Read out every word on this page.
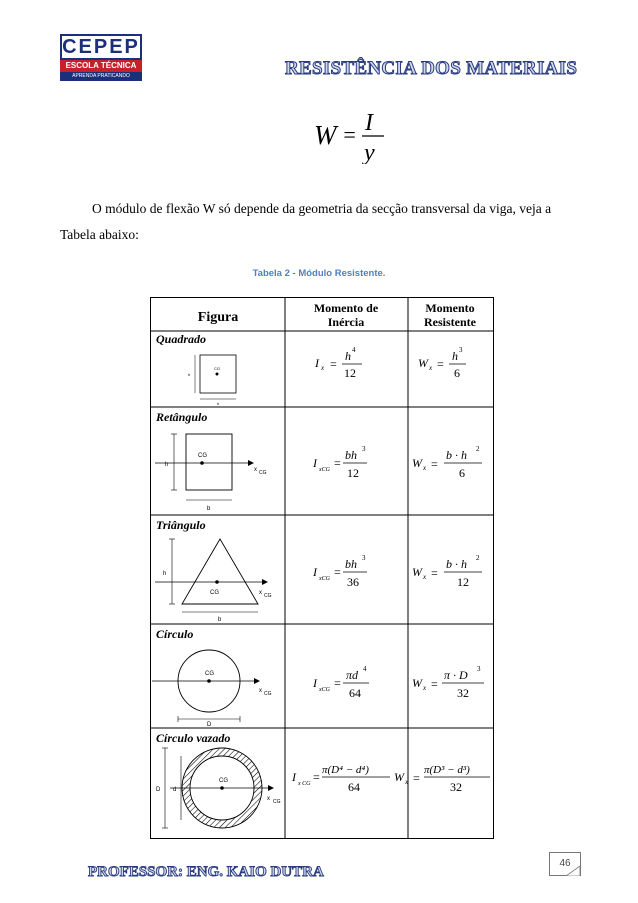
CEPEP
ESCOLA TÉCNICA
APRENDA PRATICANDO	RESISTÊNCIA DOS MATERIAIS
W = I
y
O módulo de flexão W só depende da geometria da secção transversal da viga, veja a
Tabela abaixo:
Tabela 2 - Módulo Resistente.
Figura
Momento de
Inércia
Momento
Resistente
Quadrado
CG
h
h
I x =
h 4
12
W x =
h 3
6
Retângulo
CG
x CG
h
b
I xCG =
bh 3
12
W x =
b · h 2
6
Triângulo
CG	x CG
h
b
I xCG =
bh 3
36
W x =
b · h 2
12
Círculo
CG
x CG
D
I xCG =
πd 4
64
W x =
π · D 3
32
Círculo vazado
CG
x CG
D d
I x CG = π(D⁴ − d⁴)
64
W x =
π(D³ − d³)
32
PROFESSOR: ENG. KAIO DUTRA
46
